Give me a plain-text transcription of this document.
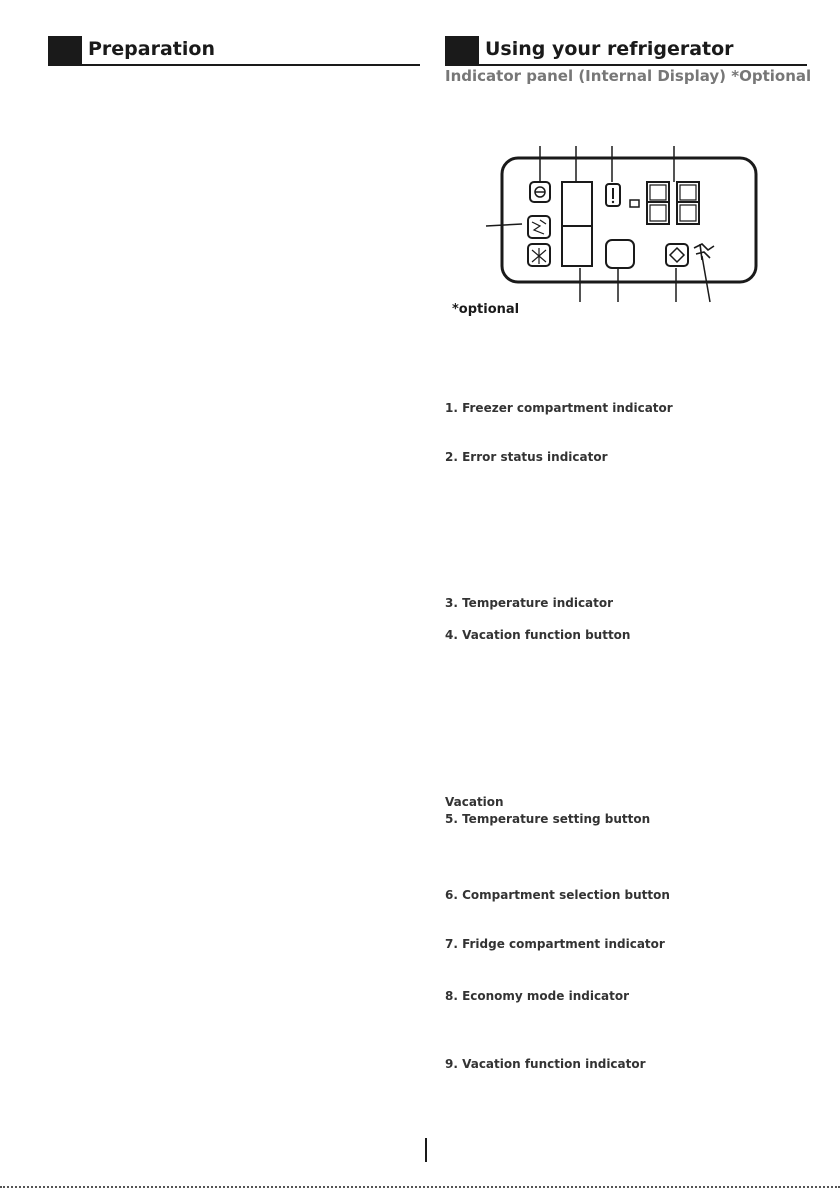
Preparation	Using your refrigerator
Indicator panel (Internal Display) *Optional
*optional
1. Freezer compartment indicator
2. Error status indicator
3. Temperature indicator
4. Vacation function button
Vacation
5. Temperature setting button
6. Compartment selection button
7. Fridge compartment indicator
8. Economy mode indicator
9. Vacation function indicator
